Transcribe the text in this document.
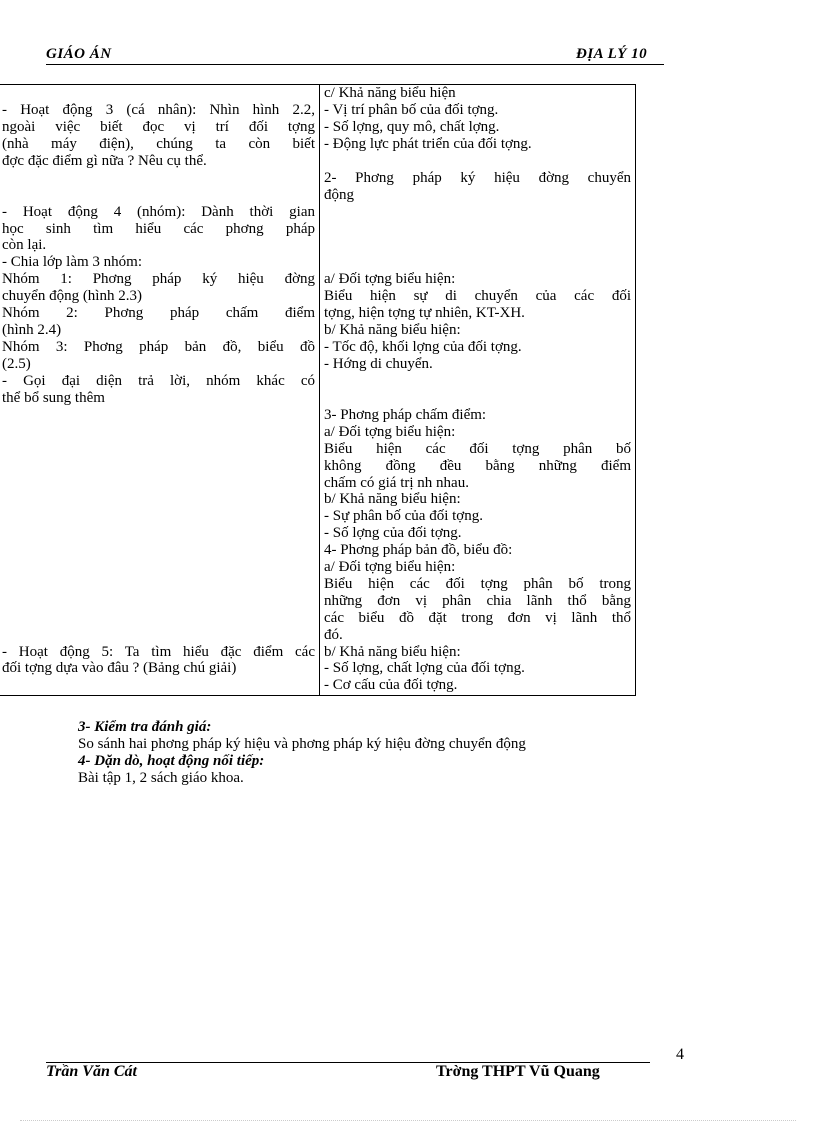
GIÁO ÁN	ĐỊA LÝ 10
- Hoạt động 3 (cá nhân): Nhìn hình 2.2,
ngoài việc biết đọc vị trí đối tợng
(nhà máy điện), chúng ta còn biết
đợc đặc điểm gì nữa ? Nêu cụ thể.
- Hoạt động 4 (nhóm): Dành thời gian
học sinh tìm hiểu các phơng pháp
còn lại.
- Chia lớp làm 3 nhóm:
Nhóm 1: Phơng pháp ký hiệu đờng
chuyển động (hình 2.3)
Nhóm 2: Phơng pháp chấm điểm
(hình 2.4)
Nhóm 3: Phơng pháp bản đồ, biểu đồ
(2.5)
- Gọi đại diện trả lời, nhóm khác có
thể bổ sung thêm
- Hoạt động 5: Ta tìm hiểu đặc điểm các
đối tợng dựa vào đâu ? (Bảng chú giải)

c/ Khả năng biểu hiện
- Vị trí phân bố của đối tợng.
- Số lợng, quy mô, chất lợng.
- Động lực phát triển của đối tợng.
2- Phơng pháp ký hiệu đờng chuyển
động
a/ Đối tợng biểu hiện:
Biểu hiện sự di chuyển của các đối
tợng, hiện tợng tự nhiên, KT-XH.
b/ Khả năng biểu hiện:
- Tốc độ, khối lợng của đối tợng.
- Hớng di chuyển.
3- Phơng pháp chấm điểm:
a/ Đối tợng biểu hiện:
Biểu hiện các đối tợng phân bố
không đồng đều bằng những điểm
chấm có giá trị nh nhau.
b/ Khả năng biểu hiện:
- Sự phân bố của đối tợng.
- Số lợng của đối tợng.
4- Phơng pháp bản đồ, biểu đồ:
a/ Đối tợng biểu hiện:
Biểu hiện các đối tợng phân bố trong
những đơn vị phân chia lãnh thổ bằng
các biểu đồ đặt trong đơn vị lãnh thổ
đó.
b/ Khả năng biểu hiện:
- Số lợng, chất lợng của đối tợng.
- Cơ cấu của đối tợng.
3- Kiểm tra đánh giá:
So sánh hai phơng pháp ký hiệu và phơng pháp ký hiệu đờng chuyển động
4- Dặn dò, hoạt động nối tiếp:
Bài tập 1, 2 sách giáo khoa.
4
Trần Văn Cát	Trờng THPT Vũ Quang
